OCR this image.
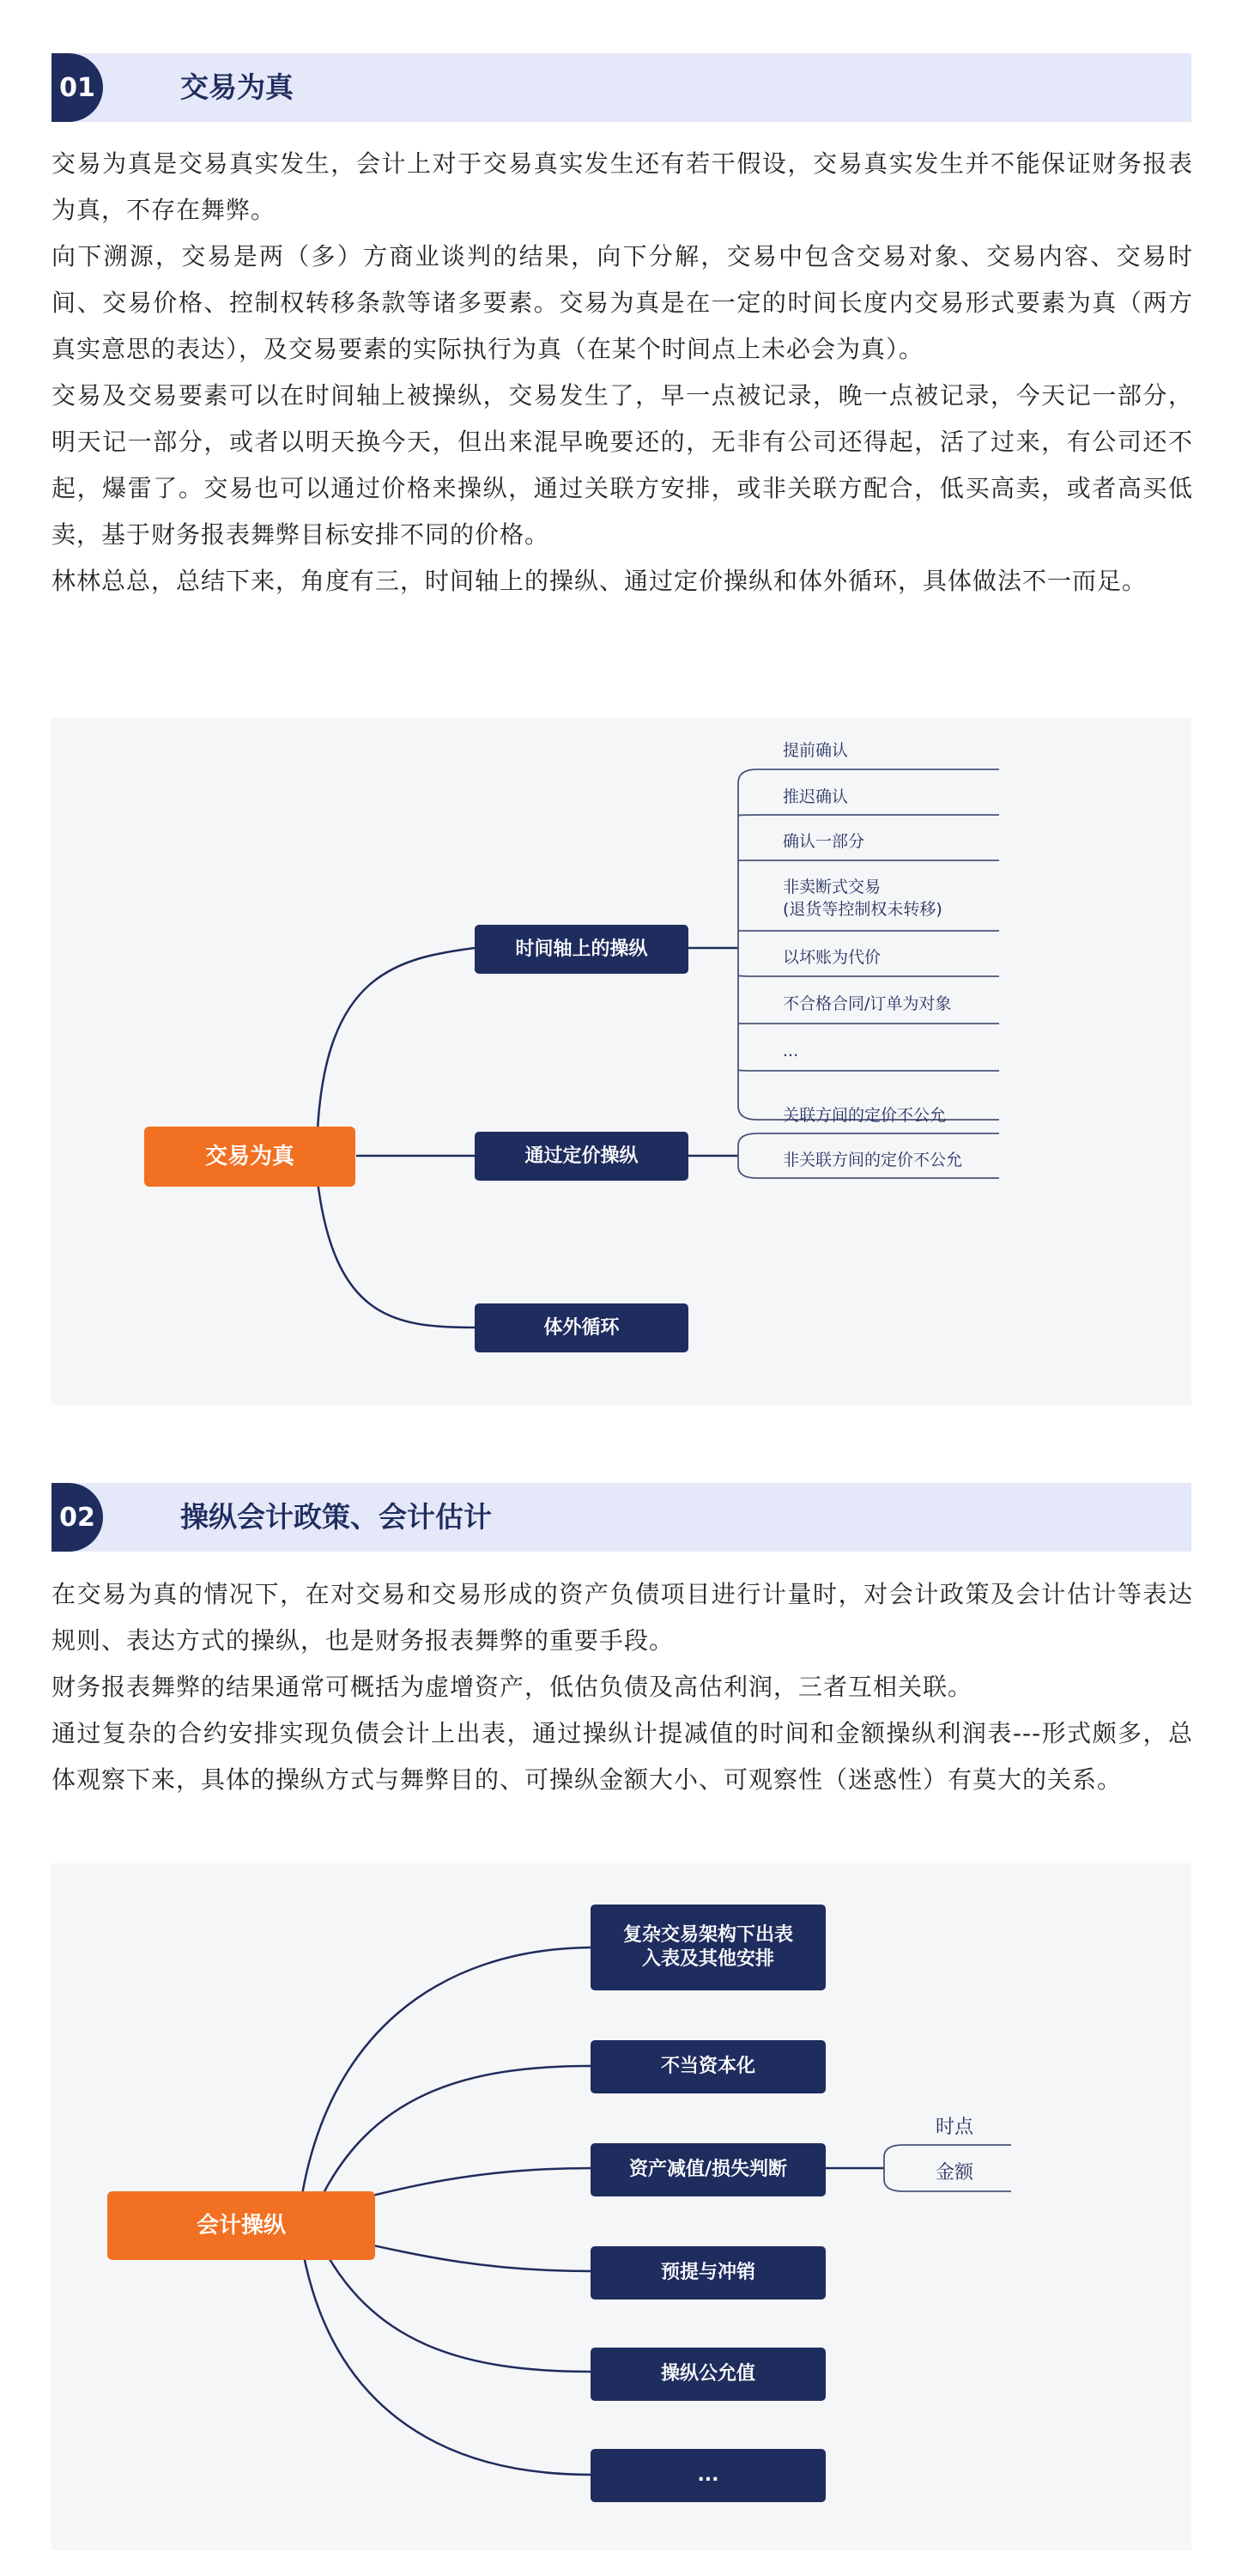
01	交易为真

交易为真是交易真实发生，会计上对于交易真实发生还有若干假设，交易真实发生并不能保证财务报表为真，不存在舞弊。

向下溯源，交易是两（多）方商业谈判的结果，向下分解，交易中包含交易对象、交易内容、交易时间、交易价格、控制权转移条款等诸多要素。交易为真是在一定的时间长度内交易形式要素为真（两方真实意思的表达），及交易要素的实际执行为真（在某个时间点上未必会为真）。

交易及交易要素可以在时间轴上被操纵，交易发生了，早一点被记录，晚一点被记录，今天记一部分，明天记一部分，或者以明天换今天，但出来混早晚要还的，无非有公司还得起，活了过来，有公司还不起，爆雷了。交易也可以通过价格来操纵，通过关联方安排，或非关联方配合，低买高卖，或者高买低卖，基于财务报表舞弊目标安排不同的价格。

林林总总，总结下来，角度有三，时间轴上的操纵、通过定价操纵和体外循环，具体做法不一而足。

交易为真
时间轴上的操纵
通过定价操纵
体外循环
提前确认
推迟确认
确认一部分
非卖断式交易
(退货等控制权未转移)
以坏账为代价
不合格合同/订单为对象
...
关联方间的定价不公允
非关联方间的定价不公允
02	操纵会计政策、会计估计

在交易为真的情况下，在对交易和交易形成的资产负债项目进行计量时，对会计政策及会计估计等表达规则、表达方式的操纵，也是财务报表舞弊的重要手段。

财务报表舞弊的结果通常可概括为虚增资产，低估负债及高估利润，三者互相关联。

通过复杂的合约安排实现负债会计上出表，通过操纵计提减值的时间和金额操纵利润表---形式颇多，总体观察下来，具体的操纵方式与舞弊目的、可操纵金额大小、可观察性（迷惑性）有莫大的关系。

会计操纵
复杂交易架构下出表
入表及其他安排
不当资本化
资产减值/损失判断
预提与冲销
操纵公允值
...
时点
金额
